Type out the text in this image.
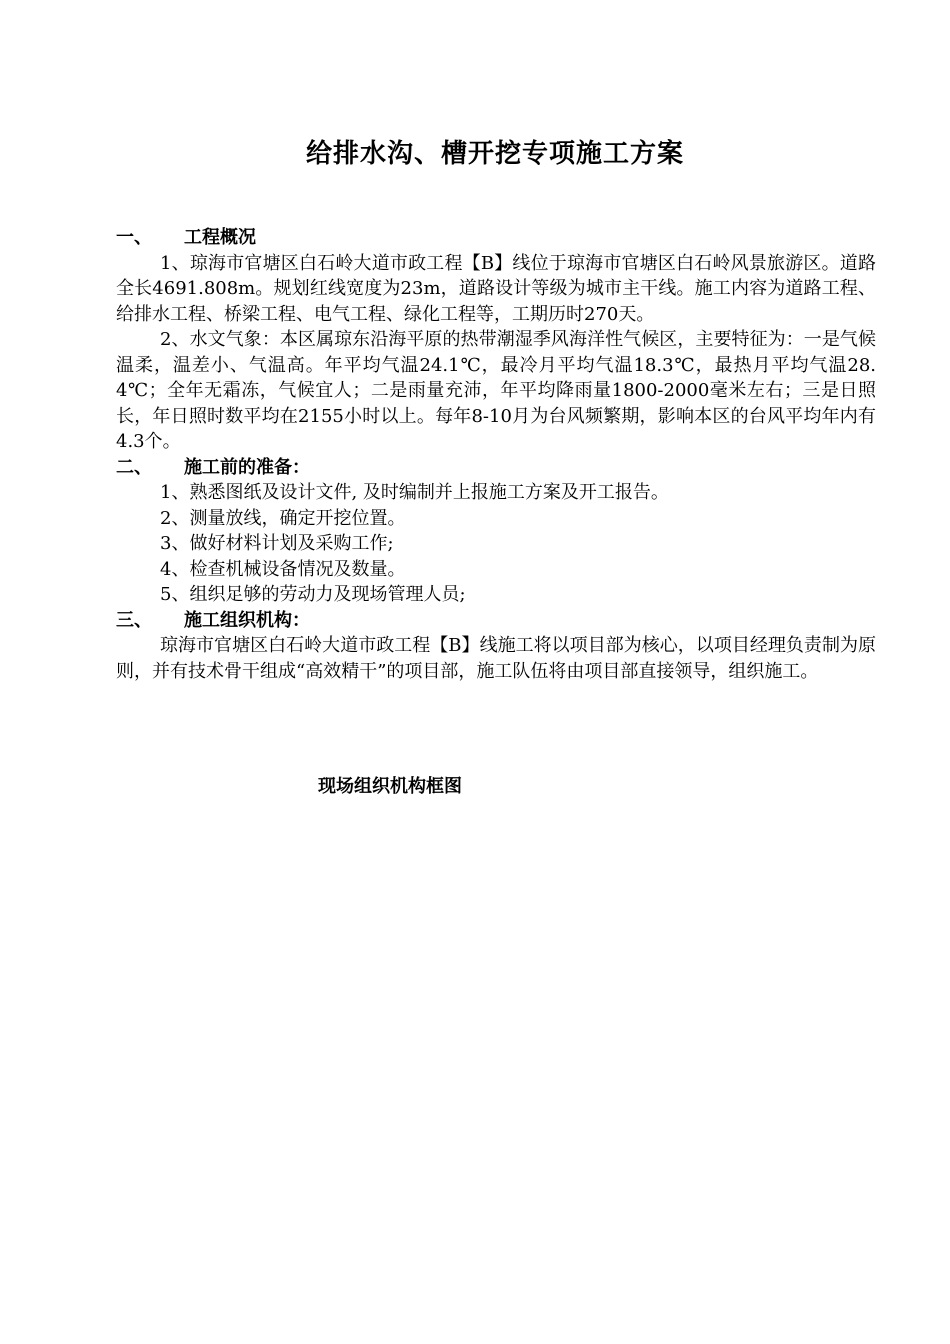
给排水沟、槽开挖专项施工方案

一、 工程概况

1、琼海市官塘区白石岭大道市政工程【B】线位于琼海市官塘区白石岭风景旅游区。道路全长4691.808m。规划红线宽度为23m，道路设计等级为城市主干线。施工内容为道路工程、给排水工程、桥梁工程、电气工程、绿化工程等，工期历时270天。

2、水文气象：本区属琼东沿海平原的热带潮湿季风海洋性气候区，主要特征为：一是气候温柔，温差小、气温高。年平均气温24.1℃，最冷月平均气温18.3℃，最热月平均气温28.4℃；全年无霜冻，气候宜人；二是雨量充沛，年平均降雨量1800-2000毫米左右；三是日照长，年日照时数平均在2155小时以上。每年8-10月为台风频繁期，影响本区的台风平均年内有4.3个。

二、 施工前的准备：

1、熟悉图纸及设计文件, 及时编制并上报施工方案及开工报告。

2、测量放线，确定开挖位置。

3、做好材料计划及采购工作;

4、检查机械设备情况及数量。

5、组织足够的劳动力及现场管理人员;

三、 施工组织机构：

琼海市官塘区白石岭大道市政工程【B】线施工将以项目部为核心，以项目经理负责制为原则，并有技术骨干组成“高效精干”的项目部，施工队伍将由项目部直接领导，组织施工。

现场组织机构框图
